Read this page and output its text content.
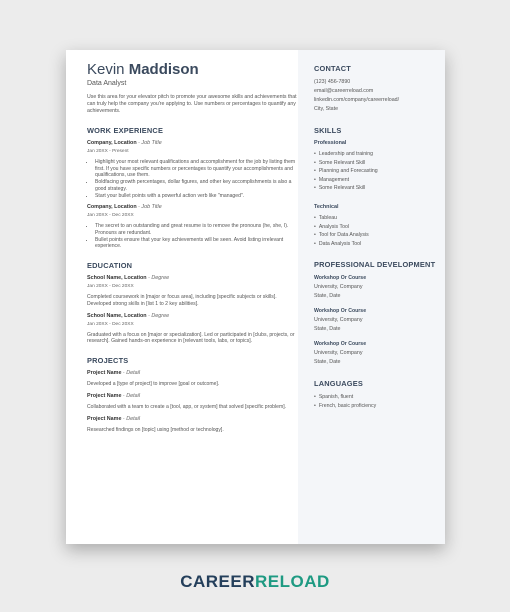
Kevin Maddison
Data Analyst
Use this area for your elevator pitch to promote your awesome skills and achievements that can truly help the company you're applying to. Use numbers or percentages to quantify any achievements.
WORK EXPERIENCE
Company, Location · Job Title
Jan 20XX - Present
• Highlight your most relevant qualifications and accomplishment for the job by listing them first. If you have specific numbers or percentages to quantify your accomplishments and qualifications, use them.
• Boldfacing growth percentages, dollar figures, and other key accomplishments is also a good strategy.
• Start your bullet points with a powerful action verb like "managed".
Company, Location · Job Title
Jan 20XX - Dec 20XX
• The secret to an outstanding and great resume is to remove the pronouns (he, she, I). Pronouns are redundant.
• Bullet points ensure that your key achievements will be seen. Avoid listing irrelevant experience.
EDUCATION
School Name, Location · Degree
Jan 20XX - Dec 20XX
Completed coursework in [major or focus area], including [specific subjects or skills]. Developed strong skills in [list 1 to 2 key abilities].
School Name, Location · Degree
Jan 20XX - Dec 20XX
Graduated with a focus on [major or specialization]. Led or participated in [clubs, projects, or research]. Gained hands-on experience in [relevant tools, labs, or topics].
PROJECTS
Project Name · Detail
Developed a [type of project] to improve [goal or outcome].
Project Name · Detail
Collaborated with a team to create a [tool, app, or system] that solved [specific problem].
Project Name · Detail
Researched findings on [topic] using [method or technology].
CONTACT
(123) 456-7890
email@careerreload.com
linkedin.com/company/careerreload/
City, State
SKILLS
Professional
• Leadership and training
• Some Relevant Skill
• Planning and Forecasting
• Management
• Some Relevant Skill
Technical
• Tableau
• Analysis Tool
• Tool for Data Analysis
• Data Analysis Tool
PROFESSIONAL DEVELOPMENT
Workshop Or Course
University, Company
State, Date
Workshop Or Course
University, Company
State, Date
Workshop Or Course
University, Company
State, Date
LANGUAGES
• Spanish, fluent
• French, basic proficiency
CAREERRELOAD
